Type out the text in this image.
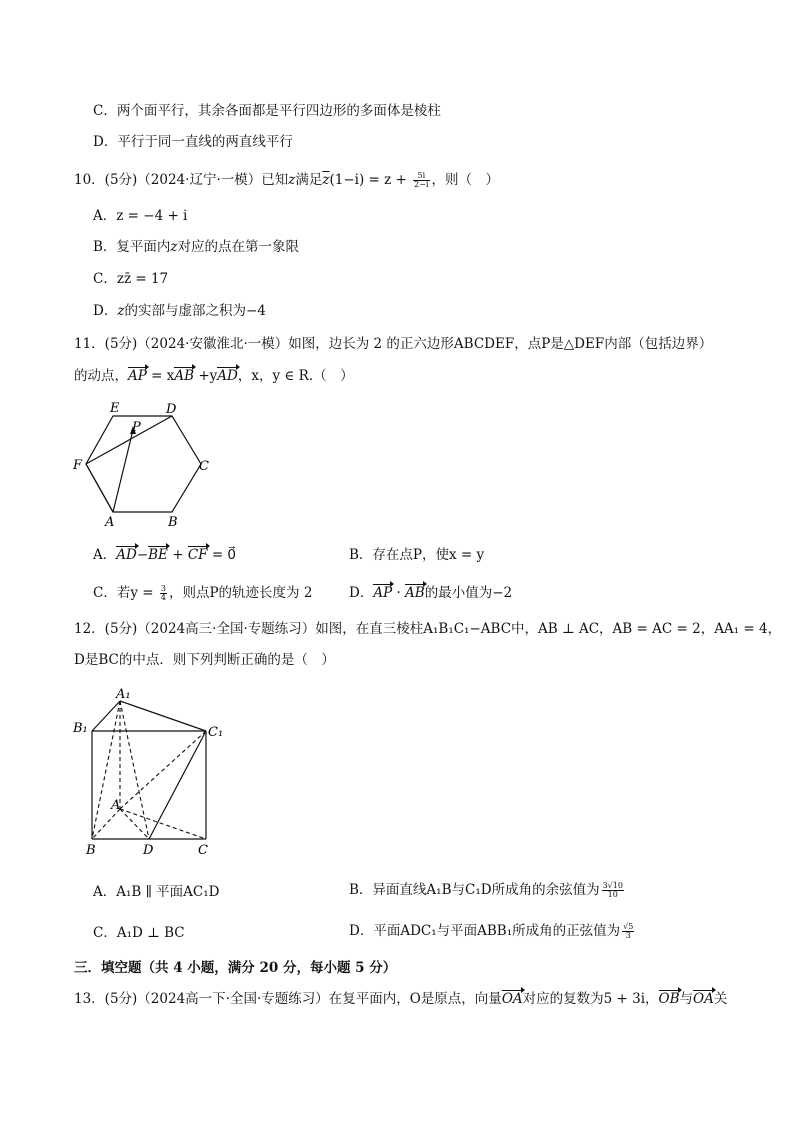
C．两个面平行，其余各面都是平行四边形的多面体是棱柱
D．平行于同一直线的两直线平行
10．(5分)（2024·辽宁·一模）已知z满足$\overline{z}(1-i) = z + \frac{5i}{2-i}$ ，则（　）
A．z = −4 + i
B．复平面内z对应的点在第一象限
C．zz̄ = 17
D．z的实部与虚部之积为−4
11．(5分)（2024·安徽淮北·一模）如图，边长为 2 的正六边形ABCDEF，点P是△DEF内部（包括边界）
的动点，AP = xAB +yAD，x，y ∈ R.（　）
E	D
P
F	C
A	B
A．AD−BE + CF = 0⃗	B．存在点P，使x = y
C．若$y = \frac{3}{4}$ ，则点P的轨迹长度为 2	D．AP · AB的最小值为−2
12．(5分)（2024高三·全国·专题练习）如图，在直三棱柱A₁B₁C₁−ABC中，AB ⊥ AC，AB = AC = 2，AA₁ = 4，
D是BC的中点．则下列判断正确的是（　）
A₁
B₁	C₁
A
B	D	C
A．A₁B ∥ 平面AC₁D	B．异面直线A₁B与C₁D所成角的余弦值为 $\frac{3√10}{10}$
C．A₁D ⊥ BC	D．平面ADC₁与平面ABB₁所成角的正弦值为 $\frac{√5}{3}$
三．填空题（共 4 小题，满分 20 分，每小题 5 分）
13．(5分)（2024高一下·全国·专题练习）在复平面内，O是原点，向量OA对应的复数为5 + 3i，OB与OA关
